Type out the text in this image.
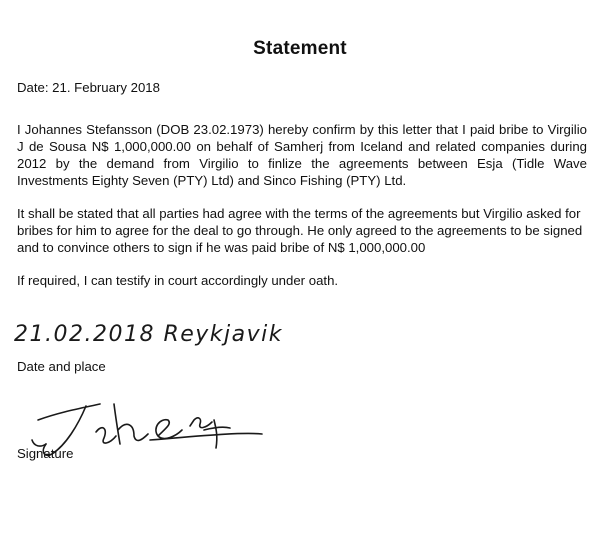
Statement
Date: 21. February 2018
I Johannes Stefansson (DOB 23.02.1973) hereby confirm by this letter that I paid bribe to Virgilio J de Sousa N$ 1,000,000.00 on behalf of Samherj from Iceland and related companies during 2012 by the demand from Virgilio to finlize the agreements between Esja (Tidle Wave Investments Eighty Seven (PTY) Ltd) and Sinco Fishing (PTY) Ltd.
It shall be stated that all parties had agree with the terms of the agreements but Virgilio asked for bribes for him to agree for the deal to go through. He only agreed to the agreements to be signed and to convince others to sign if he was paid bribe of N$ 1,000,000.00
If required, I can testify in court accordingly under oath.
21.02.2018 Reykjavik
Date and place
Signature
